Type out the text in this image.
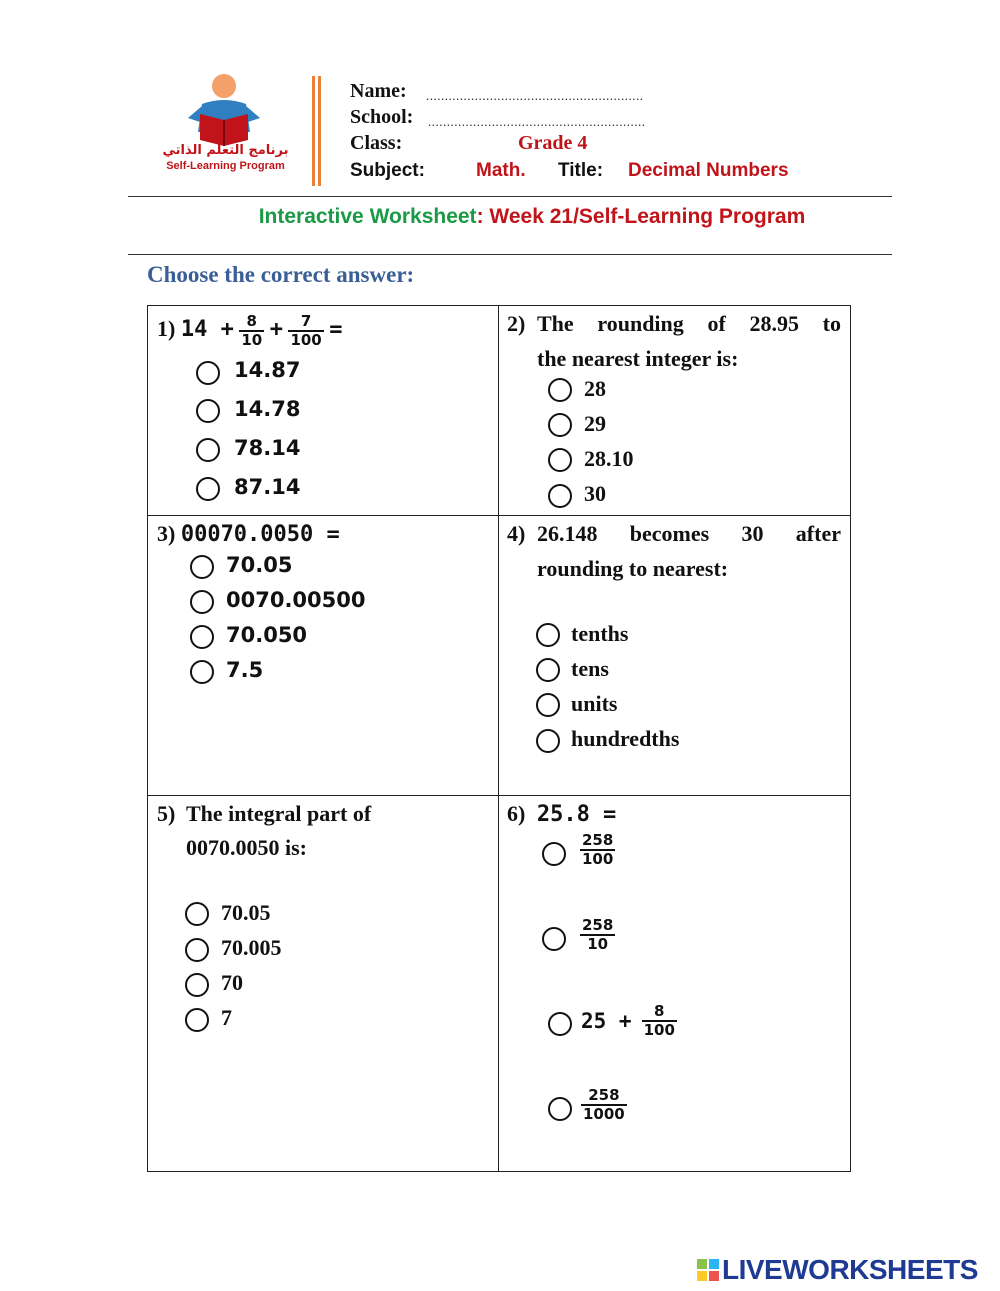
برنامج التعلم الذاتي
Self-Learning Program
Name: ..........................................................
School: ..........................................................
Class:	Grade 4
Subject:	Math. Title: Decimal Numbers
Interactive Worksheet: Week 21/Self-Learning Program
Choose the correct answer:
1) $14 + \frac{8}{10} + \frac{7}{100}$ =
14.87
14.78
78.14
87.14
2) The rounding of 28.95 to
the nearest integer is:
28
29
28.10
30
3) 00070.0050 =
70.05
0070.00500
70.050
7.5
4) 26.148 becomes 30 after
rounding to nearest:
tenths
tens
units
hundredths
5) The integral part of
0070.0050 is:
70.05
70.005
70
7
6) 25.8 =
$\frac{258}{100}$
$\frac{258}{10}$
$25 + \frac{8}{100}$
$\frac{258}{1000}$
LIVEWORKSHEETS
